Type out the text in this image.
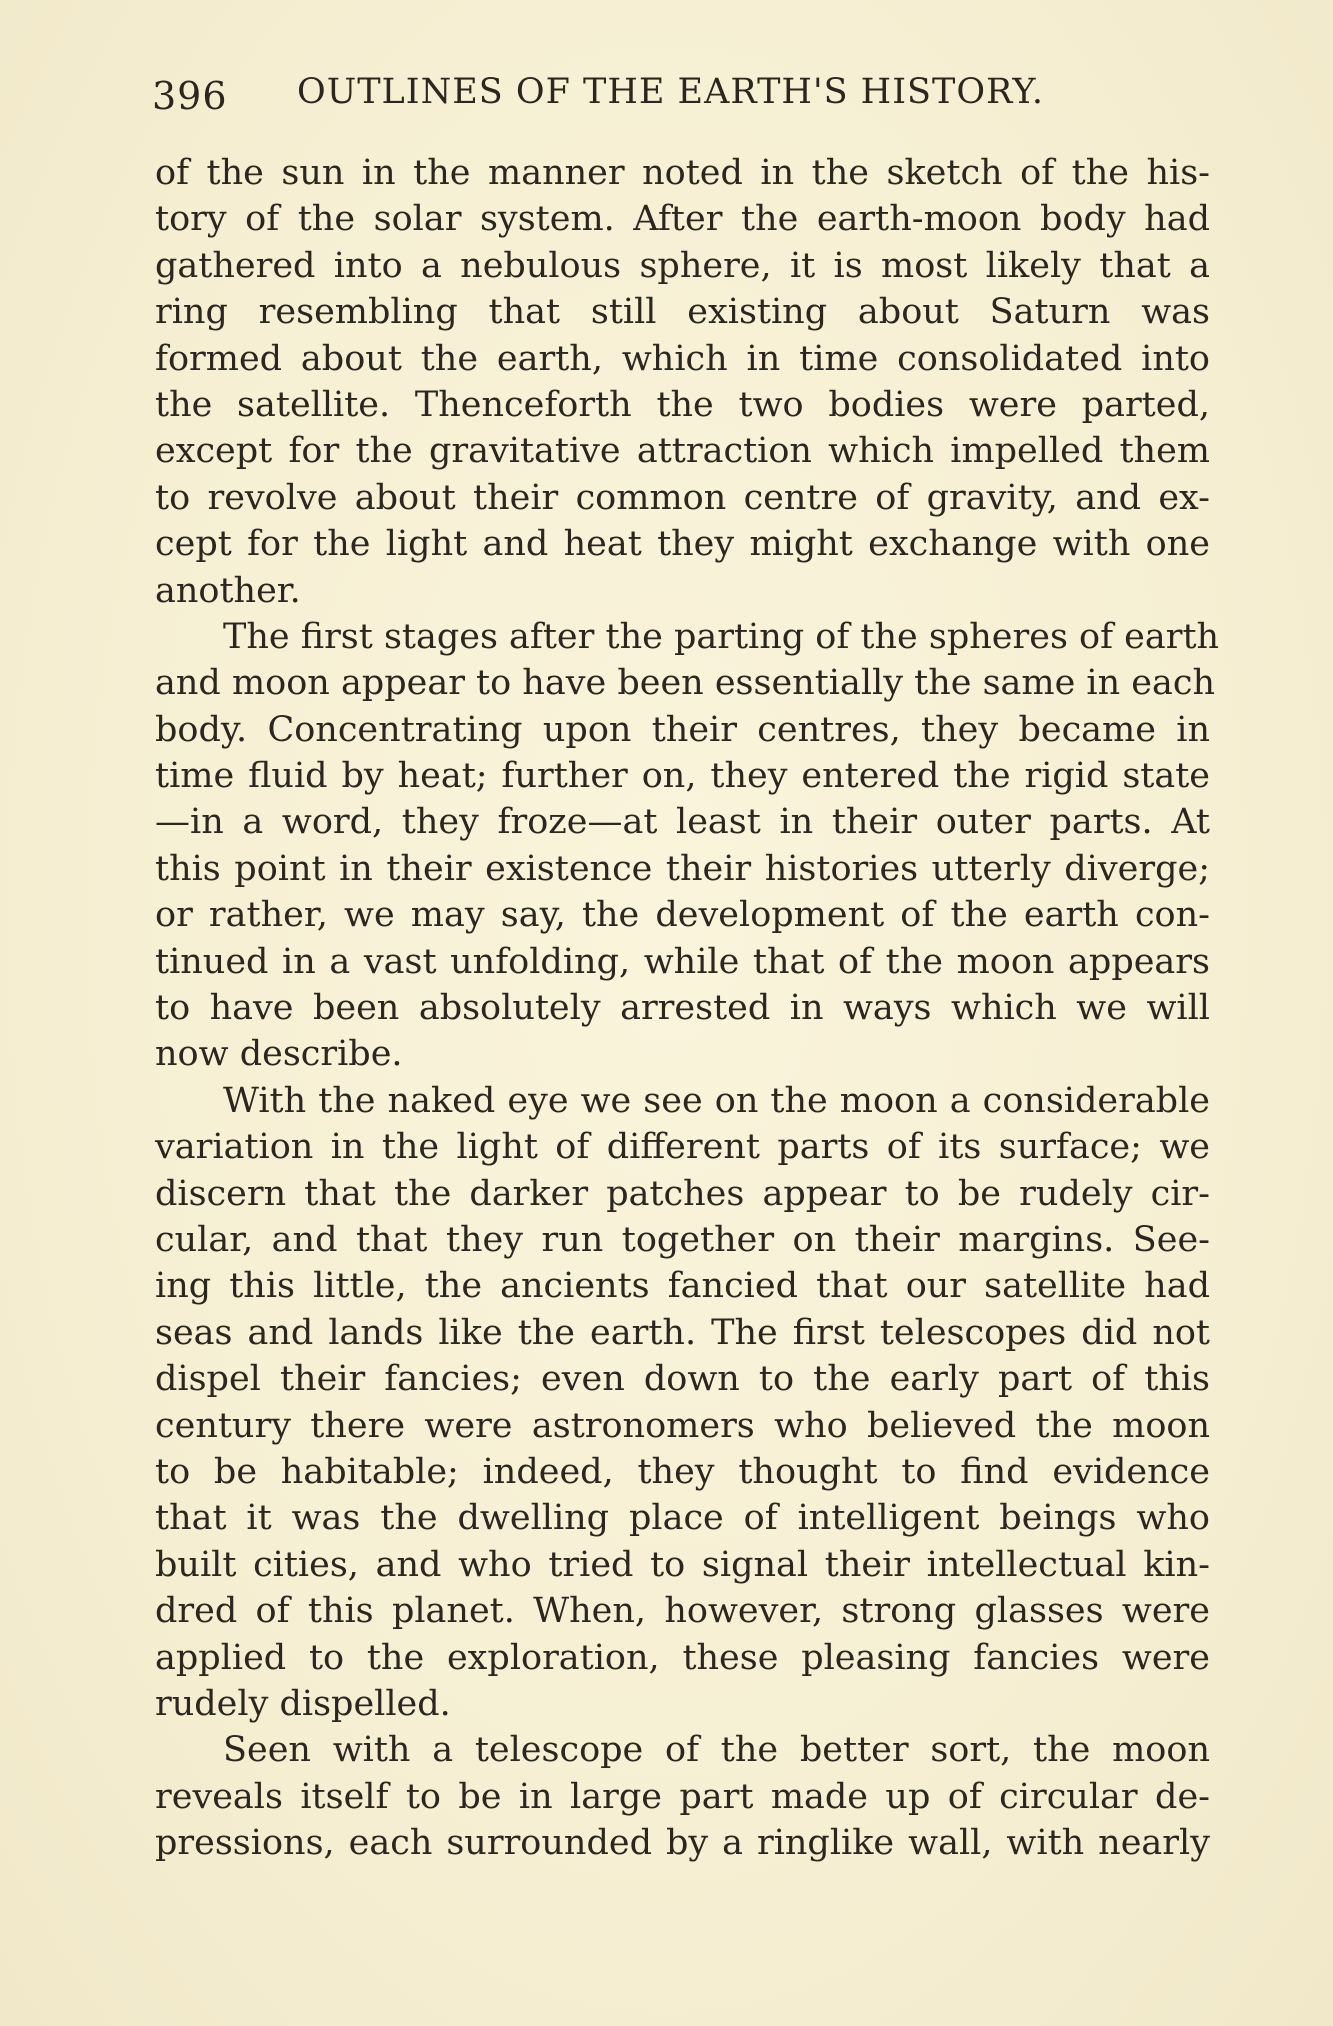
396 OUTLINES OF THE EARTH'S HISTORY.
of the sun in the manner noted in the sketch of the his-
tory of the solar system. After the earth-moon body had
gathered into a nebulous sphere, it is most likely that a
ring resembling that still existing about Saturn was
formed about the earth, which in time consolidated into
the satellite. Thenceforth the two bodies were parted,
except for the gravitative attraction which impelled them
to revolve about their common centre of gravity, and ex-
cept for the light and heat they might exchange with one
another.
The first stages after the parting of the spheres of earth
and moon appear to have been essentially the same in each
body. Concentrating upon their centres, they became in
time fluid by heat; further on, they entered the rigid state
—in a word, they froze—at least in their outer parts. At
this point in their existence their histories utterly diverge;
or rather, we may say, the development of the earth con-
tinued in a vast unfolding, while that of the moon appears
to have been absolutely arrested in ways which we will
now describe.
With the naked eye we see on the moon a considerable
variation in the light of different parts of its surface; we
discern that the darker patches appear to be rudely cir-
cular, and that they run together on their margins. See-
ing this little, the ancients fancied that our satellite had
seas and lands like the earth. The first telescopes did not
dispel their fancies; even down to the early part of this
century there were astronomers who believed the moon
to be habitable; indeed, they thought to find evidence
that it was the dwelling place of intelligent beings who
built cities, and who tried to signal their intellectual kin-
dred of this planet. When, however, strong glasses were
applied to the exploration, these pleasing fancies were
rudely dispelled.
Seen with a telescope of the better sort, the moon
reveals itself to be in large part made up of circular de-
pressions, each surrounded by a ringlike wall, with nearly
